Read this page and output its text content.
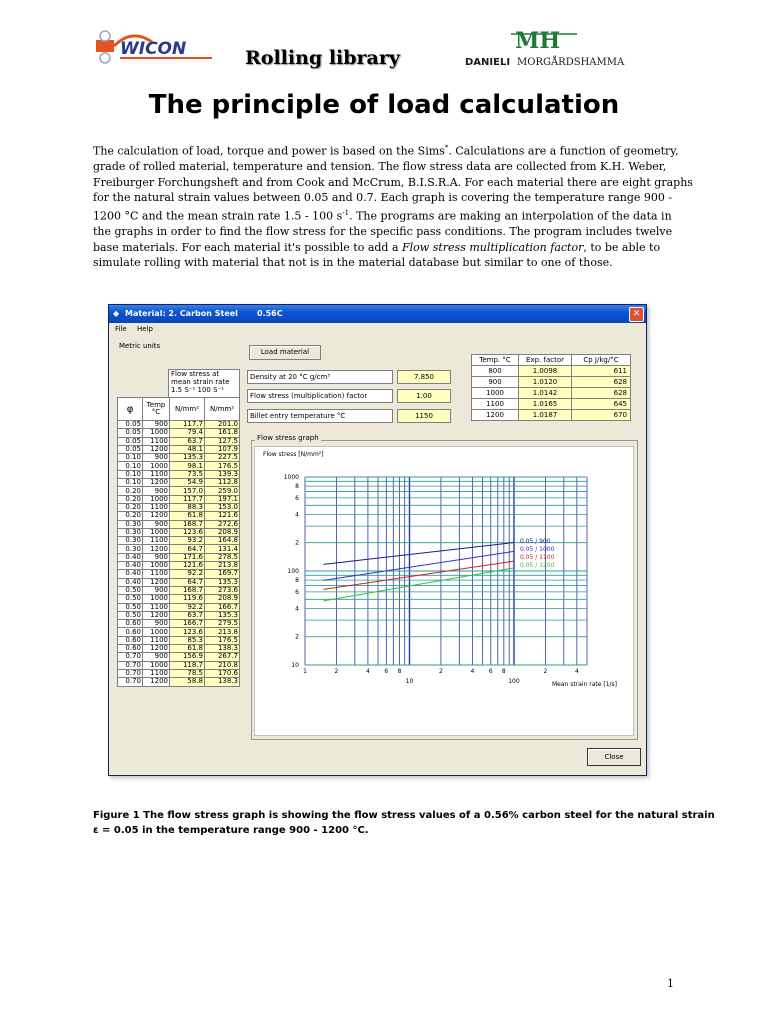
WICON	Rolling library
MH
DANIELI MORGÅRDSHAMMAR
The principle of load calculation
The calculation of load, torque and power is based on the Sims*. Calculations are a function of geometry,
grade of rolled material, temperature and tension. The flow stress data are collected from K.H. Weber,
Freiburger Forchungsheft and from Cook and McCrum, B.I.S.R.A. For each material there are eight graphs
for the natural strain values between 0.05 and 0.7. Each graph is covering the temperature range 900 -
1200 °C and the mean strain rate 1.5 - 100 $s^{-1}$. The programs are making an interpolation of the data in
the graphs in order to find the flow stress for the specific pass conditions. The program includes twelve
base materials. For each material it's possible to add a Flow stress multiplication factor, to be able to
simulate rolling with material that not is in the material database but similar to one of those.
◆ Material: 2. Carbon Steel 0.56C	✕
File Help
Metric units
Load material
Density at 20 °C g/cm³	7.850
Flow stress (multiplication) factor	1.00
Billet entry temperature °C	1150
Flow stress at
mean strain rate
1.5 S⁻¹ 100 S⁻¹
φ	Temp °C	N/mm²	N/mm²
0.05	900	117.7	201.0
0.05	1000	79.4	161.8
0.05	1100	63.7	127.5
0.05	1200	48.1	107.9
0.10	900	135.3	227.5
0.10	1000	98.1	176.5
0.10	1100	73.5	139.3
0.10	1200	54.9	112.8
0.20	900	157.0	259.0
0.20	1000	117.7	197.1
0.20	1100	88.3	153.0
0.20	1200	61.8	121.6
0.30	900	168.7	272.6
0.30	1000	123.6	208.9
0.30	1100	93.2	164.8
0.30	1200	64.7	131.4
0.40	900	171.6	278.5
0.40	1000	121.6	213.8
0.40	1100	92.2	169.7
0.40	1200	64.7	135.3
0.50	900	168.7	273.6
0.50	1000	119.6	208.9
0.50	1100	92.2	166.7
0.50	1200	63.7	135.3
0.60	900	166.7	279.5
0.60	1000	123.6	213.8
0.60	1100	85.3	176.5
0.60	1200	61.8	138.3
0.70	900	156.9	267.7
0.70	1000	118.7	210.8
0.70	1100	78.5	170.6
0.70	1200	58.8	138.3
Temp. °C	Exp. factor	Cp J/kg/°C
800	1.0098	611
900	1.0120	628
1000	1.0142	628
1100	1.0165	645
1200	1.0187	670
Flow stress graph
Flow stress [N/mm²]
1000
8
6
4
2
100
8
6
4
2
10
1	2	4 6 8
10
2	4 6 8
100
2	4
Mean strain rate [1/s]
0.05 / 900
0.05 / 1000
0.05 / 1100
0.05 / 1200
Close
Figure 1 The flow stress graph is showing the flow stress values of a 0.56% carbon steel for the natural strain
ε = 0.05 in the temperature range 900 - 1200 °C.
1
